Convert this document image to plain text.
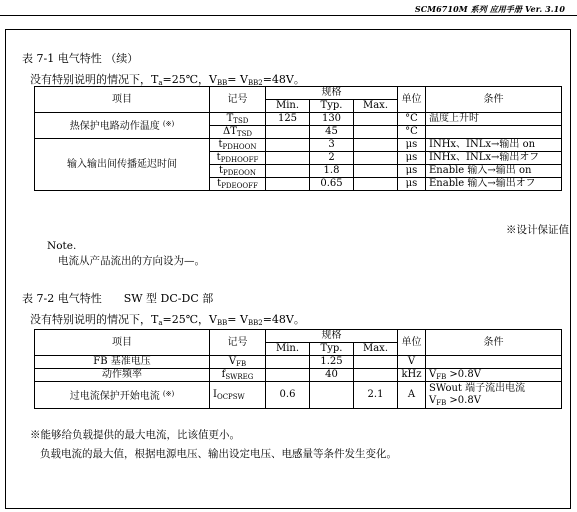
SCM6710M 系列 应用手册 Ver. 3.10
表 7-1 电气特性 （续）
没有特别说明的情况下，$T_a=25℃$，$V_{BB}= V_{BB2}=48V$。
项目	记号	规格			单位	条件
		Min.	Typ.	Max.		
热保护电路动作温度 (※)	$T_{TSD}$	125	130		°C	温度上升时
	$\Delta T_{TSD}$		45		°C	
输入输出间传播延迟时间	$t_{PDHOON}$		3		μs	INHx、INLx→输出 on
	$t_{PDHOOFF}$		2		μs	INHx、INLx→输出オフ
	$t_{PDEOON}$		1.8		μs	Enable 输入→输出 on
	$t_{PDEOOFF}$		0.65		μs	Enable 输入→输出オフ
※设计保证值
Note.
电流从产品流出的方向设为—。
表 7-2 电气特性　　SW 型 DC-DC 部
没有特别说明的情况下，$T_a=25℃$，$V_{BB}= V_{BB2}=48V$。
项目	记号	规格			单位	条件
		Min.	Typ.	Max.		
FB 基准电压	$V_{FB}$		1.25		V	
动作频率	$f_{SWREG}$		40		kHz	$V_{FB} >0.8V$
过电流保护开始电流 (※)	$I_{OCPSW}$	0.6		2.1	A	SWout 端子流出电流
$V_{FB} >0.8V$
※能够给负载提供的最大电流，比该值更小。
负载电流的最大值，根据电源电压、输出设定电压、电感量等条件发生变化。
